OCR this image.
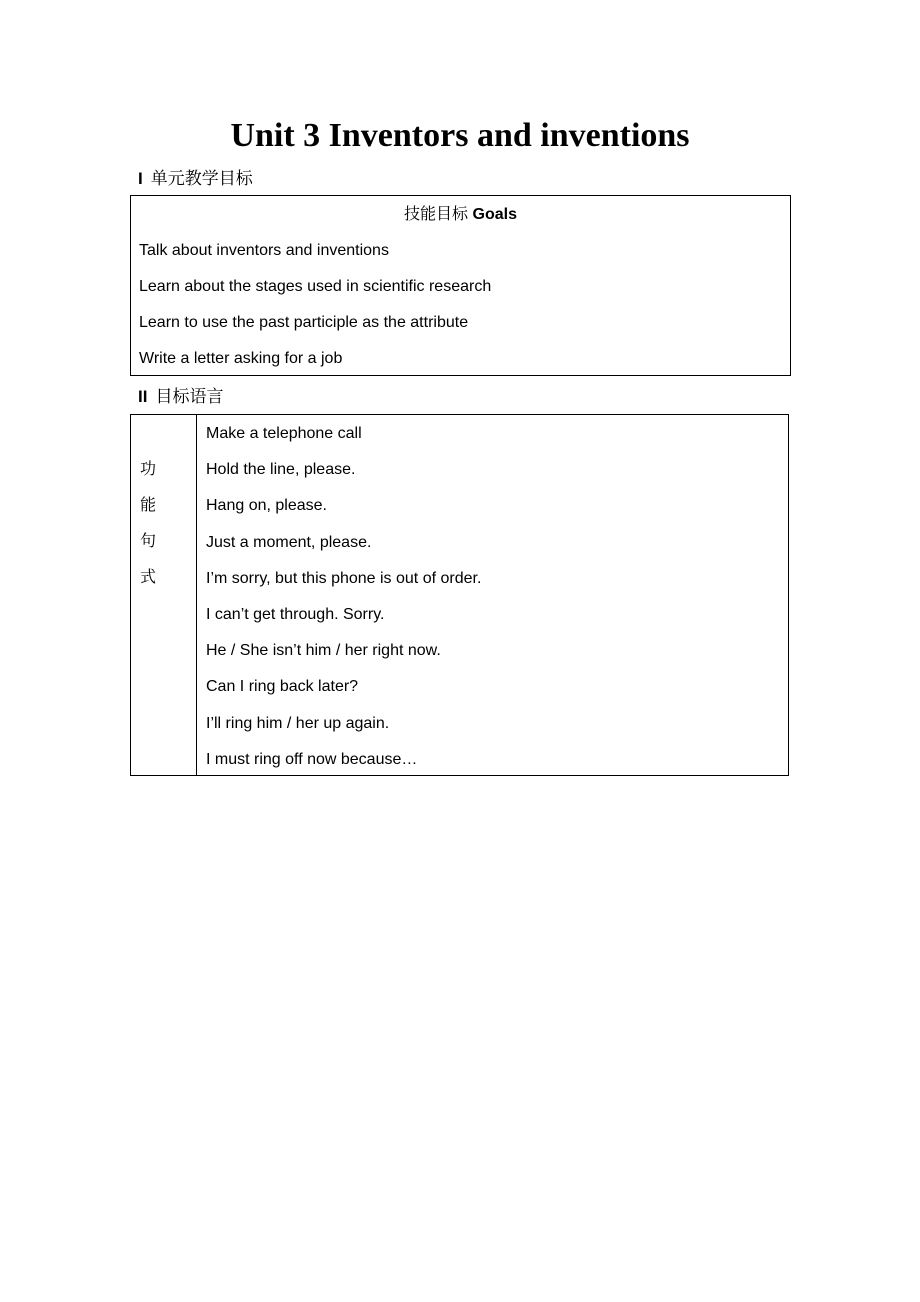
Unit 3 Inventors and inventions
I 单元教学目标
技能目标 Goals
Talk about inventors and inventions
Learn about the stages used in scientific research
Learn to use the past participle as the attribute
Write a letter asking for a job
II 目标语言
功
能
句
式
Make a telephone call
Hold the line, please.
Hang on, please.
Just a moment, please.
I’m sorry, but this phone is out of order.
I can’t get through. Sorry.
He / She isn’t him / her right now.
Can I ring back later?
I’ll ring him / her up again.
I must ring off now because…
